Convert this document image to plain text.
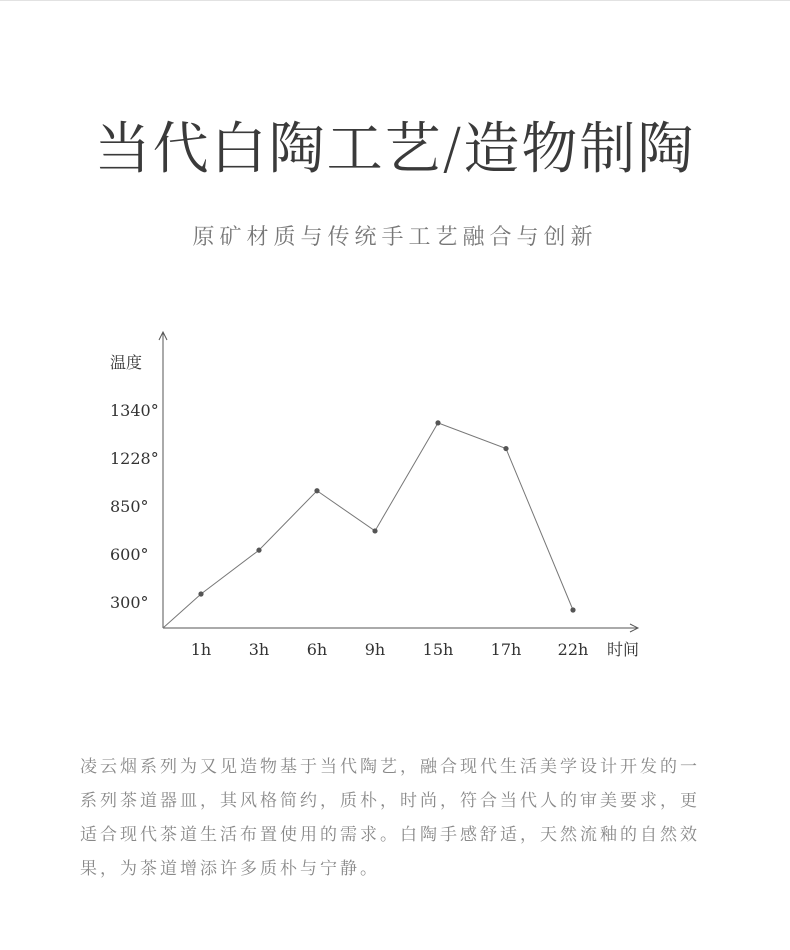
当代白陶工艺/造物制陶

原矿材质与传统手工艺融合与创新

温度
时间
1340°
1228°
850°
600°
300°
1h 3h 6h 9h 15h 17h 22h

凌云烟系列为又见造物基于当代陶艺，融合现代生活美学设计开发的一系列茶道器皿，其风格简约，质朴，时尚，符合当代人的审美要求，更适合现代茶道生活布置使用的需求。白陶手感舒适，天然流釉的自然效果，为茶道增添许多质朴与宁静。
